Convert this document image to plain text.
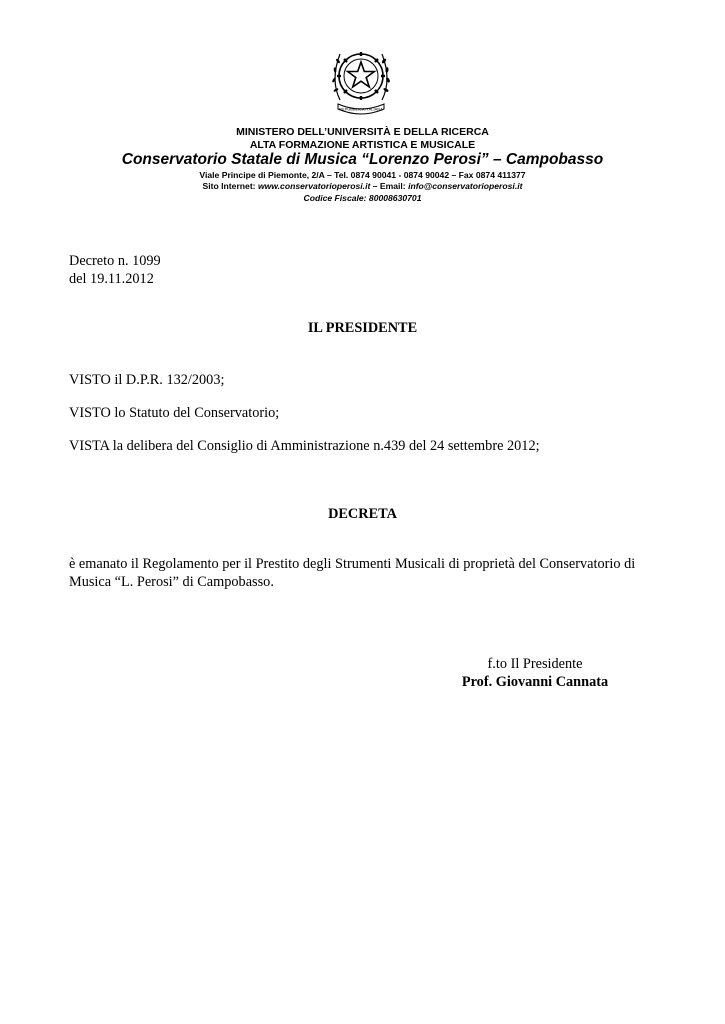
REPUBBLICA ITALIANA
MINISTERO DELL’UNIVERSITÀ E DELLA RICERCA
ALTA FORMAZIONE ARTISTICA E MUSICALE
Conservatorio Statale di Musica “Lorenzo Perosi” – Campobasso
Viale Principe di Piemonte, 2/A – Tel. 0874 90041 - 0874 90042 – Fax 0874 411377
Sito Internet: www.conservatorioperosi.it – Email: info@conservatorioperosi.it
Codice Fiscale: 80008630701
Decreto n. 1099
del 19.11.2012
IL PRESIDENTE
VISTO il D.P.R. 132/2003;
VISTO lo Statuto del Conservatorio;
VISTA la delibera del Consiglio di Amministrazione n.439 del 24 settembre 2012;
DECRETA
è emanato il Regolamento per il Prestito degli Strumenti Musicali di proprietà del Conservatorio di
Musica “L. Perosi” di Campobasso.
f.to Il Presidente
Prof. Giovanni Cannata
